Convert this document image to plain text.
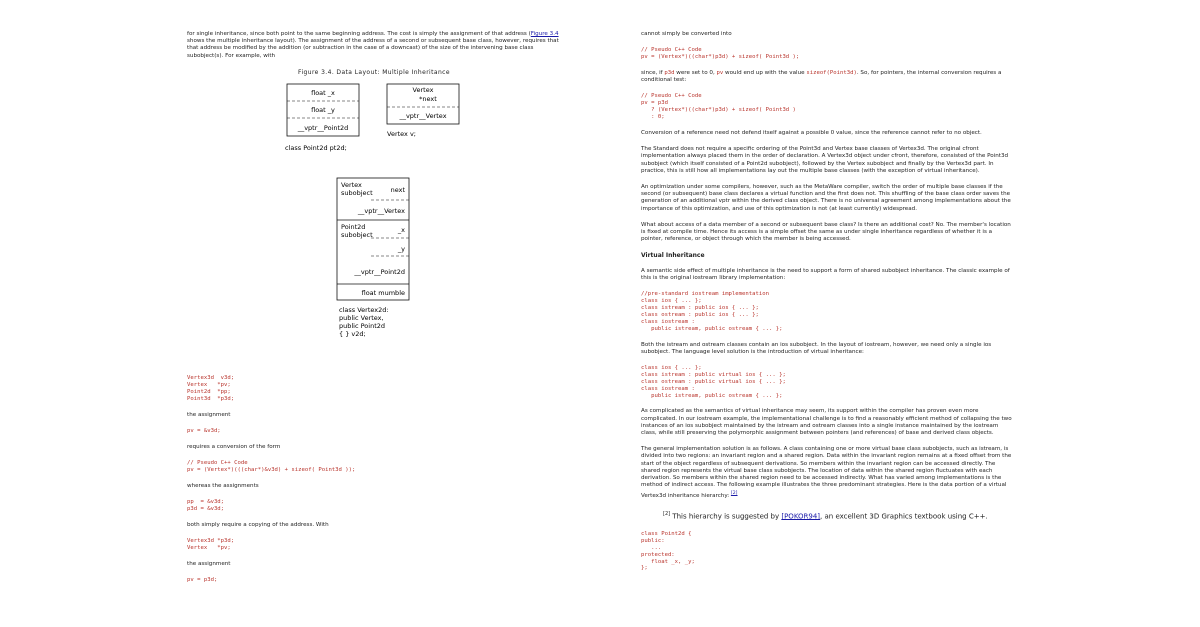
for single inheritance, since both point to the same beginning address. The cost is simply the assignment of that address (Figure 3.4 shows the multiple inheritance layout). The assignment of the address of a second or subsequent base class, however, requires that that address be modified by the addition (or subtraction in the case of a downcast) of the size of the intervening base class subobject(s). For example, with

Figure 3.4. Data Layout: Multiple Inheritance
float _x
float _y
__vptr__Point2d
class Point2d pt2d;
Vertex
*next
__vptr__Vertex
Vertex v;
Vertex
subobject	next
__vptr__Vertex
Point2d
subobject
_x
_y
__vptr__Point2d
float mumble
class Vertex2d:
public Vertex,
public Point2d
{ } v2d;
Vertex3d  v3d;
Vertex   *pv;
Point2d  *pp;
Point3d  *p3d;

the assignment

pv = &v3d;

requires a conversion of the form

// Pseudo C++ Code
pv = (Vertex*)(((char*)&v3d) + sizeof( Point3d ));

whereas the assignments

pp  = &v3d;
p3d = &v3d;

both simply require a copying of the address. With

Vertex3d *p3d;
Vertex   *pv;

the assignment

pv = p3d;

cannot simply be converted into

// Pseudo C++ Code
pv = (Vertex*)((char*)p3d) + sizeof( Point3d );

since, if p3d were set to 0, pv would end up with the value sizeof(Point3d). So, for pointers, the internal conversion requires a conditional test:

// Pseudo C++ Code
pv = p3d
? (Vertex*)((char*)p3d) + sizeof( Point3d )
: 0;

Conversion of a reference need not defend itself against a possible 0 value, since the reference cannot refer to no object.

The Standard does not require a specific ordering of the Point3d and Vertex base classes of Vertex3d. The original cfront implementation always placed them in the order of declaration. A Vertex3d object under cfront, therefore, consisted of the Point3d subobject (which itself consisted of a Point2d subobject), followed by the Vertex subobject and finally by the Vertex3d part. In practice, this is still how all implementations lay out the multiple base classes (with the exception of virtual inheritance).

An optimization under some compilers, however, such as the MetaWare compiler, switch the order of multiple base classes if the second (or subsequent) base class declares a virtual function and the first does not. This shuffling of the base class order saves the generation of an additional vptr within the derived class object. There is no universal agreement among implementations about the importance of this optimization, and use of this optimization is not (at least currently) widespread.

What about access of a data member of a second or subsequent base class? Is there an additional cost? No. The member's location is fixed at compile time. Hence its access is a simple offset the same as under single inheritance regardless of whether it is a pointer, reference, or object through which the member is being accessed.

Virtual Inheritance

A semantic side effect of multiple inheritance is the need to support a form of shared subobject inheritance. The classic example of this is the original iostream library implementation:

//pre-standard iostream implementation
class ios { ... };
class istream : public ios { ... };
class ostream : public ios { ... };
class iostream :
public istream, public ostream { ... };

Both the istream and ostream classes contain an ios subobject. In the layout of iostream, however, we need only a single ios subobject. The language level solution is the introduction of virtual inheritance:

class ios { ... };
class istream : public virtual ios { ... };
class ostream : public virtual ios { ... };
class iostream :
public istream, public ostream { ... };

As complicated as the semantics of virtual inheritance may seem, its support within the compiler has proven even more complicated. In our iostream example, the implementational challenge is to find a reasonably efficient method of collapsing the two instances of an ios subobject maintained by the istream and ostream classes into a single instance maintained by the iostream class, while still preserving the polymorphic assignment between pointers (and references) of base and derived class objects.

The general implementation solution is as follows. A class containing one or more virtual base class subobjects, such as istream, is divided into two regions: an invariant region and a shared region. Data within the invariant region remains at a fixed offset from the start of the object regardless of subsequent derivations. So members within the invariant region can be accessed directly. The shared region represents the virtual base class subobjects. The location of data within the shared region fluctuates with each derivation. So members within the shared region need to be accessed indirectly. What has varied among implementations is the method of indirect access. The following example illustrates the three predominant strategies. Here is the data portion of a virtual Vertex3d inheritance hierarchy: [2]

[2] This hierarchy is suggested by [POKOR94], an excellent 3D Graphics textbook using C++.
class Point2d {
public:
...
protected:
float _x, _y;
};
